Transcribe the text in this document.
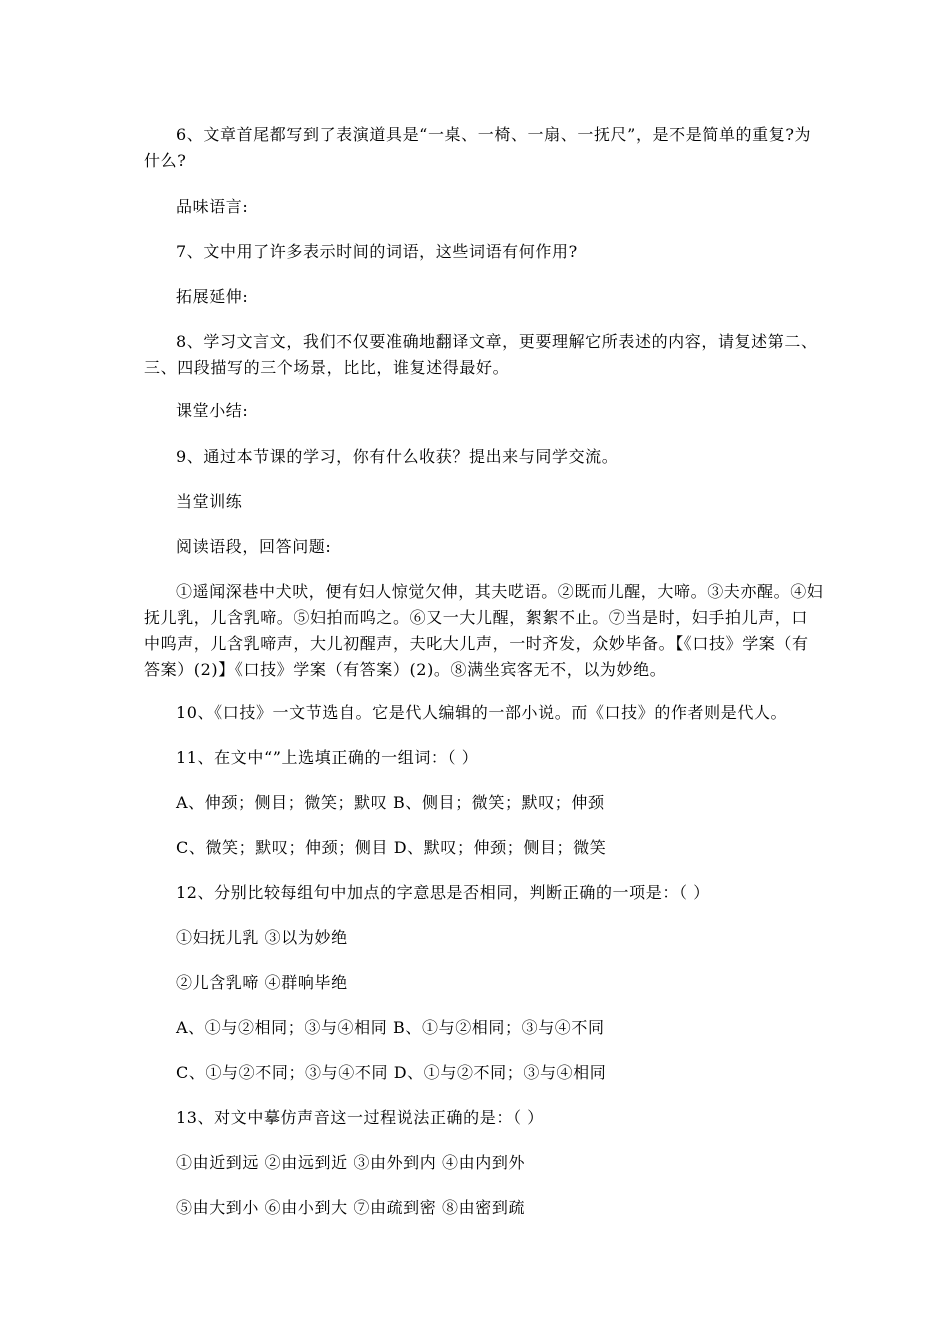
6、文章首尾都写到了表演道具是“一桌、一椅、一扇、一抚尺”，是不是简单的重复?为什么?

品味语言:

7、文中用了许多表示时间的词语，这些词语有何作用?

拓展延伸:

8、学习文言文，我们不仅要准确地翻译文章，更要理解它所表述的内容，请复述第二、三、四段描写的三个场景，比比，谁复述得最好。

课堂小结:

9、通过本节课的学习，你有什么收获？提出来与同学交流。

当堂训练

阅读语段，回答问题:

①遥闻深巷中犬吠，便有妇人惊觉欠伸，其夫呓语。②既而儿醒，大啼。③夫亦醒。④妇抚儿乳，儿含乳啼。⑤妇拍而呜之。⑥又一大儿醒，絮絮不止。⑦当是时，妇手拍儿声，口中呜声，儿含乳啼声，大儿初醒声，夫叱大儿声，一时齐发，众妙毕备。【《口技》学案（有答案）(2)】《口技》学案（有答案）(2)。⑧满坐宾客无不，以为妙绝。

10、《口技》一文节选自。它是代人编辑的一部小说。而《口技》的作者则是代人。

11、在文中“”上选填正确的一组词：（ ）

A、伸颈；侧目；微笑；默叹 B、侧目；微笑；默叹；伸颈

C、微笑；默叹；伸颈；侧目 D、默叹；伸颈；侧目；微笑

12、分别比较每组句中加点的字意思是否相同，判断正确的一项是：（ ）

①妇抚儿乳 ③以为妙绝

②儿含乳啼 ④群响毕绝

A、①与②相同；③与④相同 B、①与②相同；③与④不同

C、①与②不同；③与④不同 D、①与②不同；③与④相同

13、对文中摹仿声音这一过程说法正确的是：（ ）

①由近到远 ②由远到近 ③由外到内 ④由内到外

⑤由大到小 ⑥由小到大 ⑦由疏到密 ⑧由密到疏
